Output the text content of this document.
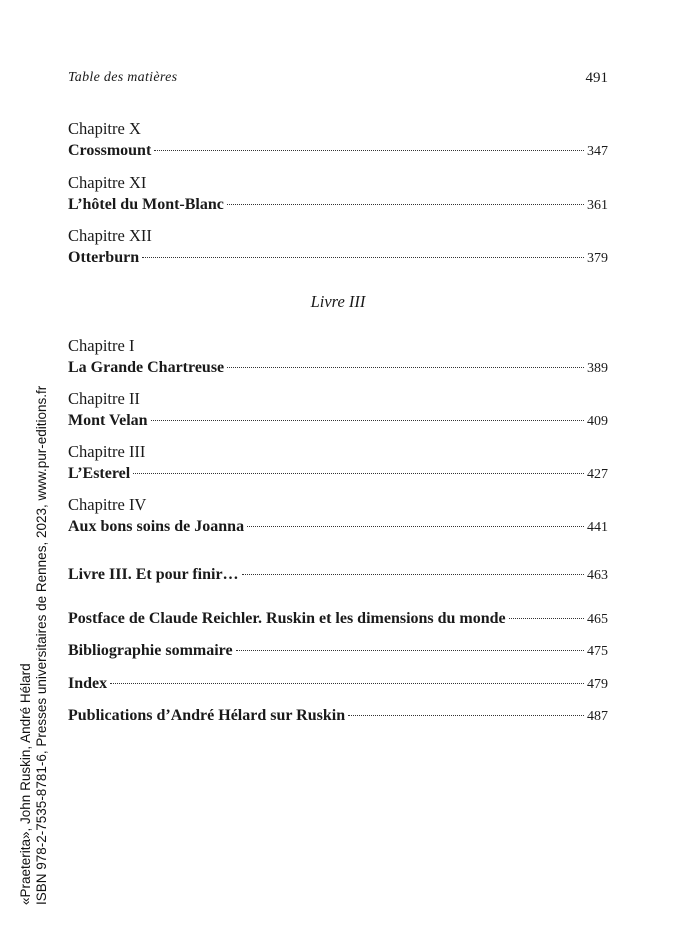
Table des matières	491
Chapitre X
Crossmount	347
Chapitre XI
L’hôtel du Mont-Blanc	361
Chapitre XII
Otterburn	379
Livre III
Chapitre I
La Grande Chartreuse	389
Chapitre II
Mont Velan	409
Chapitre III
L’Esterel	427
Chapitre IV
Aux bons soins de Joanna	441
Livre III. Et pour finir…	463
Postface de Claude Reichler. Ruskin et les dimensions du monde	465
Bibliographie sommaire	475
Index	479
Publications d’André Hélard sur Ruskin	487
«Praeterita», John Ruskin, André Hélard ISBN 978-2-7535-8781-6, Presses universitaires de Rennes, 2023, www.pur-editions.fr
